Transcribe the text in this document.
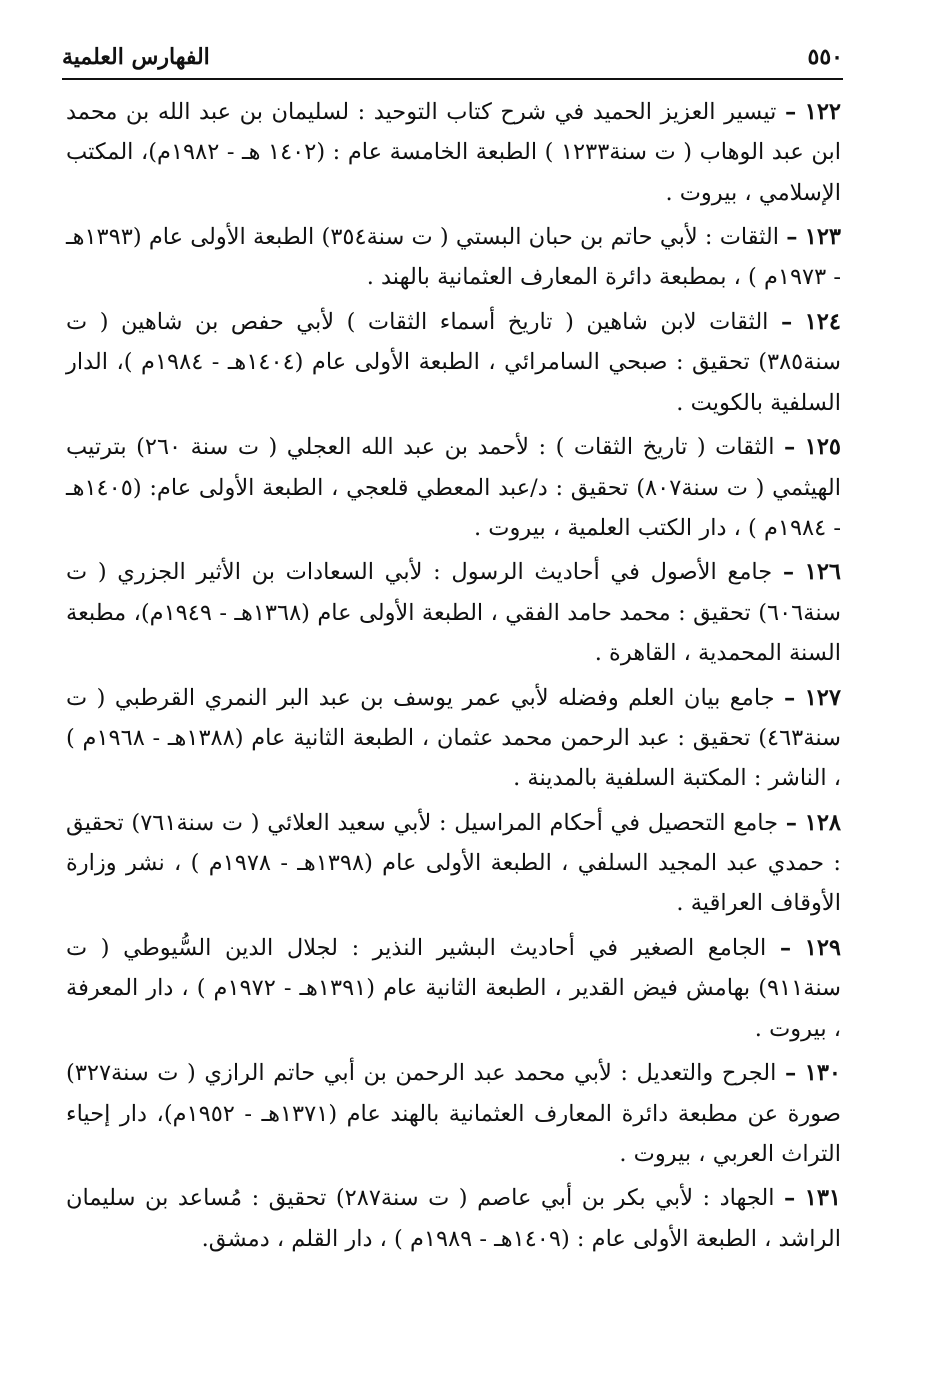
٥٥٠
الفهارس العلمية

١٢٢ – تيسير العزيز الحميد في شرح كتاب التوحيد : لسليمان بن عبد الله بن محمد ابن عبد الوهاب ( ت سنة١٢٣٣ ) الطبعة الخامسة عام : (١٤٠٢ هـ - ١٩٨٢م)، المكتب الإسلامي ، بيروت .

١٢٣ – الثقات : لأبي حاتم بن حبان البستي ( ت سنة٣٥٤) الطبعة الأولى عام (١٣٩٣هـ - ١٩٧٣م ) ، بمطبعة دائرة المعارف العثمانية بالهند .

١٢٤ – الثقات لابن شاهين ( تاريخ أسماء الثقات ) لأبي حفص بن شاهين ( ت سنة٣٨٥) تحقيق : صبحي السامرائي ، الطبعة الأولى عام (١٤٠٤هـ - ١٩٨٤م )، الدار السلفية بالكويت .

١٢٥ – الثقات ( تاريخ الثقات ) : لأحمد بن عبد الله العجلي ( ت سنة ٢٦٠) بترتيب الهيثمي ( ت سنة٨٠٧) تحقيق : د/عبد المعطي قلعجي ، الطبعة الأولى عام: (١٤٠٥هـ - ١٩٨٤م ) ، دار الكتب العلمية ، بيروت .

١٢٦ – جامع الأصول في أحاديث الرسول : لأبي السعادات بن الأثير الجزري ( ت سنة٦٠٦) تحقيق : محمد حامد الفقي ، الطبعة الأولى عام (١٣٦٨هـ - ١٩٤٩م)، مطبعة السنة المحمدية ، القاهرة .

١٢٧ – جامع بيان العلم وفضله لأبي عمر يوسف بن عبد البر النمري القرطبي ( ت سنة٤٦٣) تحقيق : عبد الرحمن محمد عثمان ، الطبعة الثانية عام (١٣٨٨هـ - ١٩٦٨م ) ، الناشر : المكتبة السلفية بالمدينة .

١٢٨ – جامع التحصيل في أحكام المراسيل : لأبي سعيد العلائي ( ت سنة٧٦١) تحقيق : حمدي عبد المجيد السلفي ، الطبعة الأولى عام (١٣٩٨هـ - ١٩٧٨م ) ، نشر وزارة الأوقاف العراقية .

١٢٩ – الجامع الصغير في أحاديث البشير النذير : لجلال الدين السُّيوطي ( ت سنة٩١١) بهامش فيض القدير ، الطبعة الثانية عام (١٣٩١هـ - ١٩٧٢م ) ، دار المعرفة ، بيروت .

١٣٠ – الجرح والتعديل : لأبي محمد عبد الرحمن بن أبي حاتم الرازي ( ت سنة٣٢٧) صورة عن مطبعة دائرة المعارف العثمانية بالهند عام (١٣٧١هـ - ١٩٥٢م)، دار إحياء التراث العربي ، بيروت .

١٣١ – الجهاد : لأبي بكر بن أبي عاصم ( ت سنة٢٨٧) تحقيق : مُساعد بن سليمان الراشد ، الطبعة الأولى عام : (١٤٠٩هـ - ١٩٨٩م ) ، دار القلم ، دمشق.
